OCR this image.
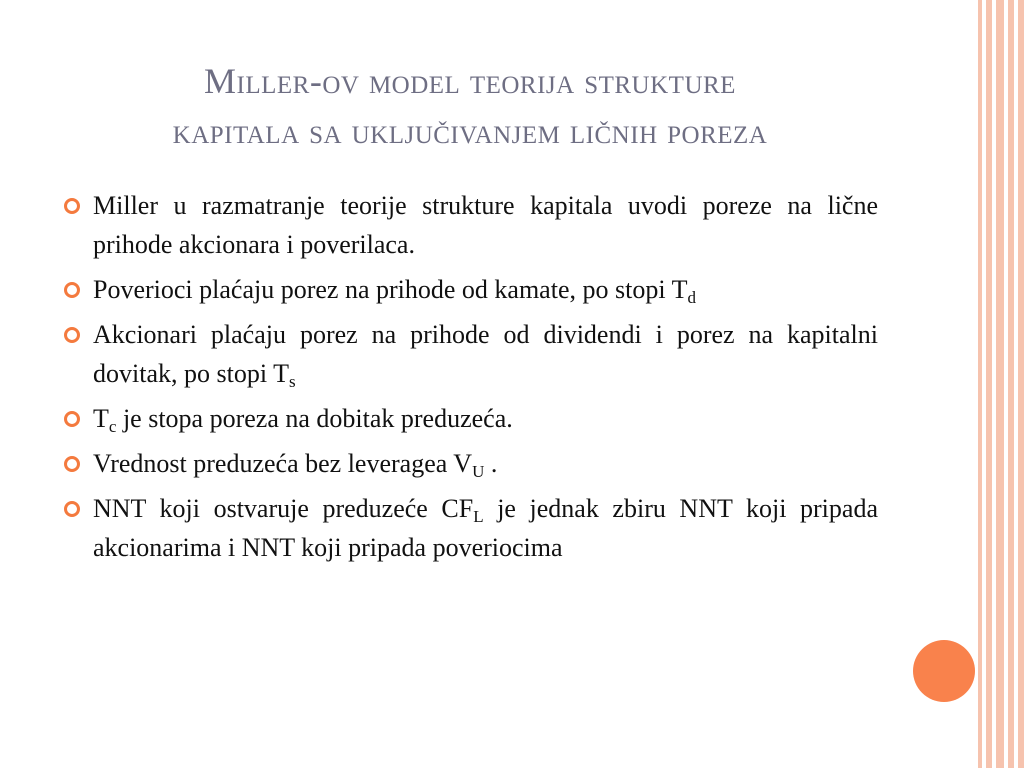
Miller-ov model teorija strukture
kapitala sa uključivanjem ličnih poreza
Miller u razmatranje teorije strukture kapitala uvodi poreze na lične prihode akcionara i poverilaca.
Poverioci plaćaju porez na prihode od kamate, po stopi $T_d$
Akcionari plaćaju porez na prihode od dividendi i porez na kapitalni dovitak, po stopi $T_s$
$T_c$ je stopa poreza na dobitak preduzeća.
Vrednost preduzeća bez leveragea $V_U$ .
NNT koji ostvaruje preduzeće $CF_L$ je jednak zbiru NNT koji pripada akcionarima i NNT koji pripada poveriocima
